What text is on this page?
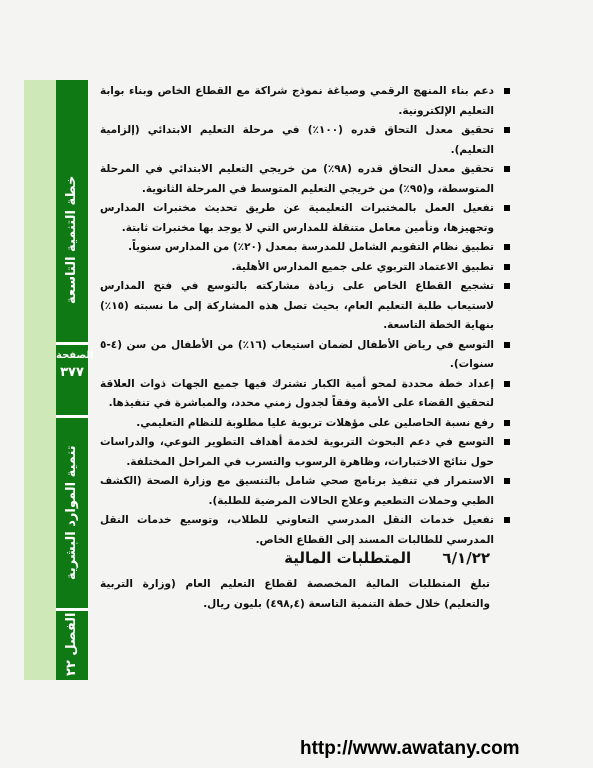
خطة التنمية التاسعة
الصفحة
٣٧٧
تنمية الموارد البشرية
الفصل ٢٢
دعم بناء المنهج الرقمي وصياغة نموذج شراكة مع القطاع الخاص وبناء بوابة التعليم الإلكترونية.
تحقيق معدل التحاق قدره (١٠٠٪) في مرحلة التعليم الابتدائي (إلزامية التعليم).
تحقيق معدل التحاق قدره (٩٨٪) من خريجي التعليم الابتدائي في المرحلة المتوسطة، و(٩٥٪) من خريجي التعليم المتوسط في المرحلة الثانوية.
تفعيل العمل بالمختبرات التعليمية عن طريق تحديث مختبرات المدارس وتجهيزها، وتأمين معامل متنقلة للمدارس التي لا يوجد بها مختبرات ثابتة.
تطبيق نظام التقويم الشامل للمدرسة بمعدل (٢٠٪) من المدارس سنوياً.
تطبيق الاعتماد التربوي على جميع المدارس الأهلية.
تشجيع القطاع الخاص على زيادة مشاركته بالتوسع في فتح المدارس لاستيعاب طلبة التعليم العام، بحيث تصل هذه المشاركة إلى ما نسبته (١٥٪) بنهاية الخطة التاسعة.
التوسع في رياض الأطفال لضمان استيعاب (١٦٪) من الأطفال من سن (٤-٥ سنوات).
إعداد خطة محددة لمحو أمية الكبار تشترك فيها جميع الجهات ذوات العلاقة لتحقيق القضاء على الأمية وفقاً لجدول زمني محدد، والمباشرة في تنفيذها.
رفع نسبة الحاصلين على مؤهلات تربوية عليا مطلوبة للنظام التعليمي.
التوسع في دعم البحوث التربوية لخدمة أهداف التطوير النوعي، والدراسات حول نتائج الاختبارات، وظاهرة الرسوب والتسرب في المراحل المختلفة.
الاستمرار في تنفيذ برنامج صحي شامل بالتنسيق مع وزارة الصحة (الكشف الطبي وحملات التطعيم وعلاج الحالات المرضية للطلبة).
تفعيل خدمات النقل المدرسي التعاوني للطلاب، وتوسيع خدمات النقل المدرسي للطالبات المسند إلى القطاع الخاص.
٦/١/٢٢ المتطلبات المالية
تبلغ المتطلبات المالية المخصصة لقطاع التعليم العام (وزارة التربية والتعليم) خلال خطة التنمية التاسعة (٤٩٨,٤) بليون ريال.
http://www.awatany.com
